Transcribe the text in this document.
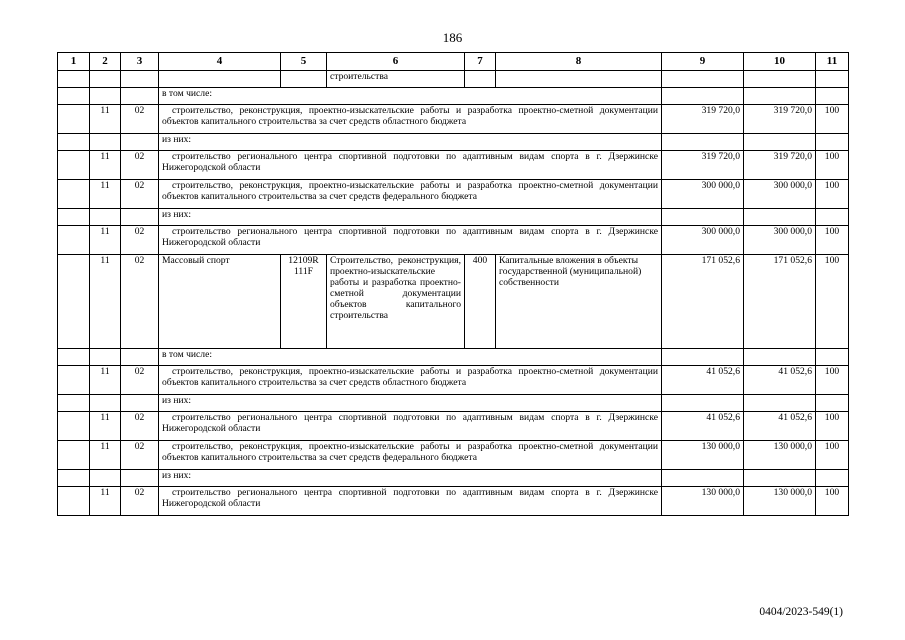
186
1	2	3	4	5	6	7	8	9	10	11
					строительства					
			в том числе:							
	11	02	строительство, реконструкция, проектно-изыскательские работы и разработка проектно-сметной документации объектов капитального строительства за счет средств областного бюджета					319 720,0	319 720,0	100
			из них:							
	11	02	строительство регионального центра спортивной подготовки по адаптивным видам спорта в г. Дзержинске Нижегородской области					319 720,0	319 720,0	100
	11	02	строительство, реконструкция, проектно-изыскательские работы и разработка проектно-сметной документации объектов капитального строительства за счет средств федерального бюджета					300 000,0	300 000,0	100
			из них:							
	11	02	строительство регионального центра спортивной подготовки по адаптивным видам спорта в г. Дзержинске Нижегородской области					300 000,0	300 000,0	100
	11	02	Массовый спорт	12109R 111F	Строительство, реконструкция, проектно-изыскательские работы и разработка проектно-сметной документации объектов капитального строительства	400	Капитальные вложения в объекты государственной (муниципальной) собственности	171 052,6	171 052,6	100
			в том числе:							
	11	02	строительство, реконструкция, проектно-изыскательские работы и разработка проектно-сметной документации объектов капитального строительства за счет средств областного бюджета					41 052,6	41 052,6	100
			из них:							
	11	02	строительство регионального центра спортивной подготовки по адаптивным видам спорта в г. Дзержинске Нижегородской области					41 052,6	41 052,6	100
	11	02	строительство, реконструкция, проектно-изыскательские работы и разработка проектно-сметной документации объектов капитального строительства за счет средств федерального бюджета					130 000,0	130 000,0	100
			из них:							
	11	02	строительство регионального центра спортивной подготовки по адаптивным видам спорта в г. Дзержинске Нижегородской области					130 000,0	130 000,0	100
0404/2023-549(1)
